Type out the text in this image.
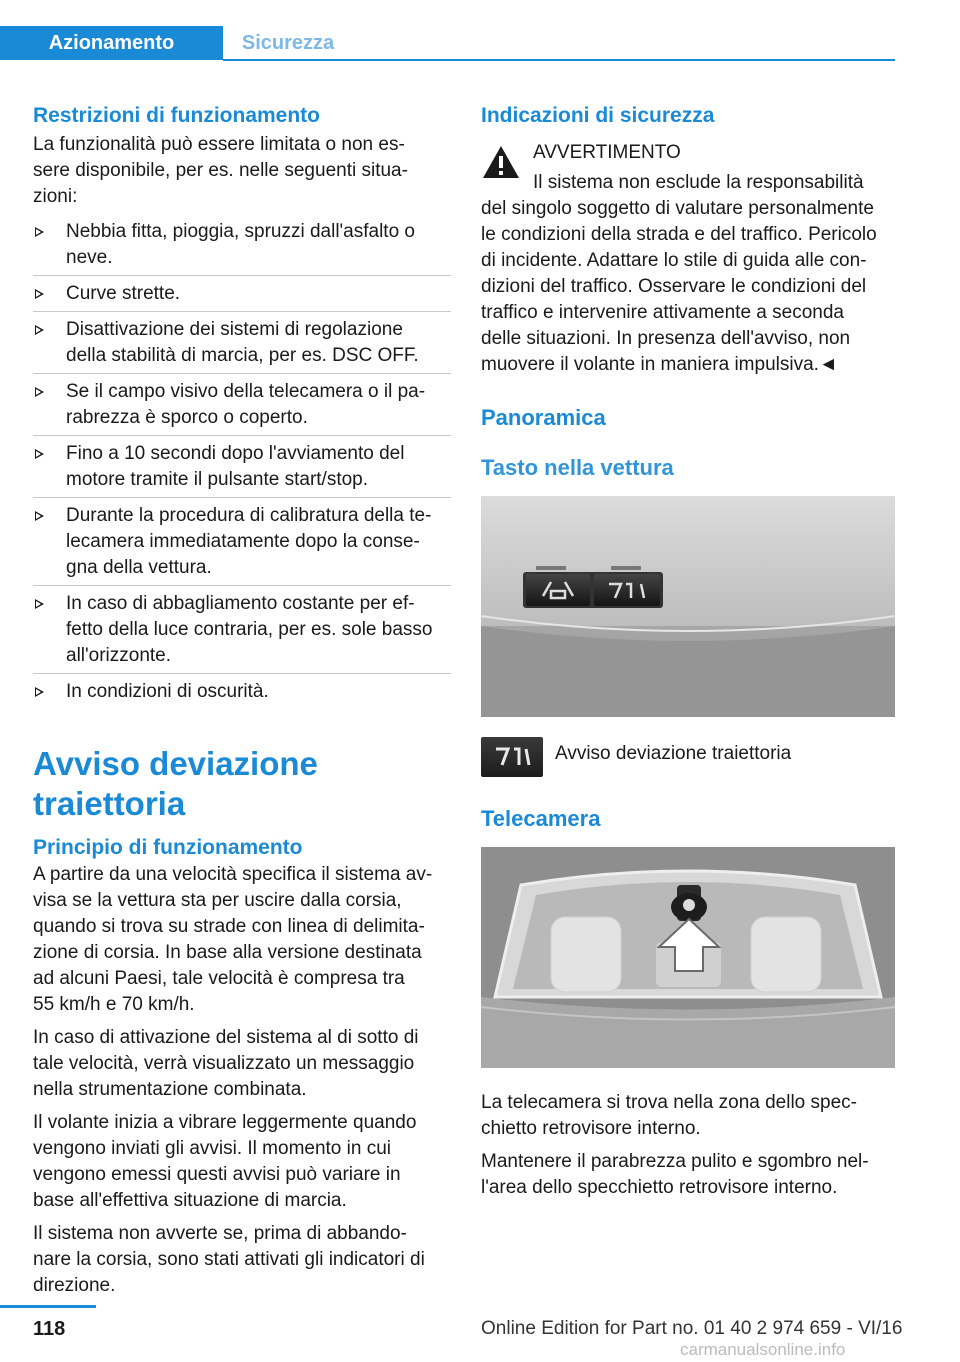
Azionamento	Sicurezza
Restrizioni di funzionamento

La funzionalità può essere limitata o non es-
sere disponibile, per es. nelle seguenti situa-
zioni:

Nebbia fitta, pioggia, spruzzi dall'asfalto o
neve.
Curve strette.
Disattivazione dei sistemi di regolazione
della stabilità di marcia, per es. DSC OFF.
Se il campo visivo della telecamera o il pa-
rabrezza è sporco o coperto.
Fino a 10 secondi dopo l'avviamento del
motore tramite il pulsante start/stop.
Durante la procedura di calibratura della te-
lecamera immediatamente dopo la conse-
gna della vettura.
In caso di abbagliamento costante per ef-
fetto della luce contraria, per es. sole basso
all'orizzonte.
In condizioni di oscurità.
Avviso deviazione traiettoria
Principio di funzionamento

A partire da una velocità specifica il sistema av-
visa se la vettura sta per uscire dalla corsia,
quando si trova su strade con linea di delimita-
zione di corsia. In base alla versione destinata
ad alcuni Paesi, tale velocità è compresa tra
55 km/h e 70 km/h.

In caso di attivazione del sistema al di sotto di
tale velocità, verrà visualizzato un messaggio
nella strumentazione combinata.

Il volante inizia a vibrare leggermente quando
vengono inviati gli avvisi. Il momento in cui
vengono emessi questi avvisi può variare in
base all'effettiva situazione di marcia.

Il sistema non avverte se, prima di abbando-
nare la corsia, sono stati attivati gli indicatori di
direzione.

Indicazioni di sicurezza
AVVERTIMENTO
Il sistema non esclude la responsabilità

del singolo soggetto di valutare personalmente
le condizioni della strada e del traffico. Pericolo
di incidente. Adattare lo stile di guida alle con-
dizioni del traffico. Osservare le condizioni del
traffico e intervenire attivamente a seconda
delle situazioni. In presenza dell'avviso, non
muovere il volante in maniera impulsiva.◄

Panoramica
Tasto nella vettura
Avviso deviazione traiettoria
Telecamera

La telecamera si trova nella zona dello spec-
chietto retrovisore interno.

Mantenere il parabrezza pulito e sgombro nel-
l'area dello specchietto retrovisore interno.

118	Online Edition for Part no. 01 40 2 974 659 - VI/16
carmanualsonline.info
